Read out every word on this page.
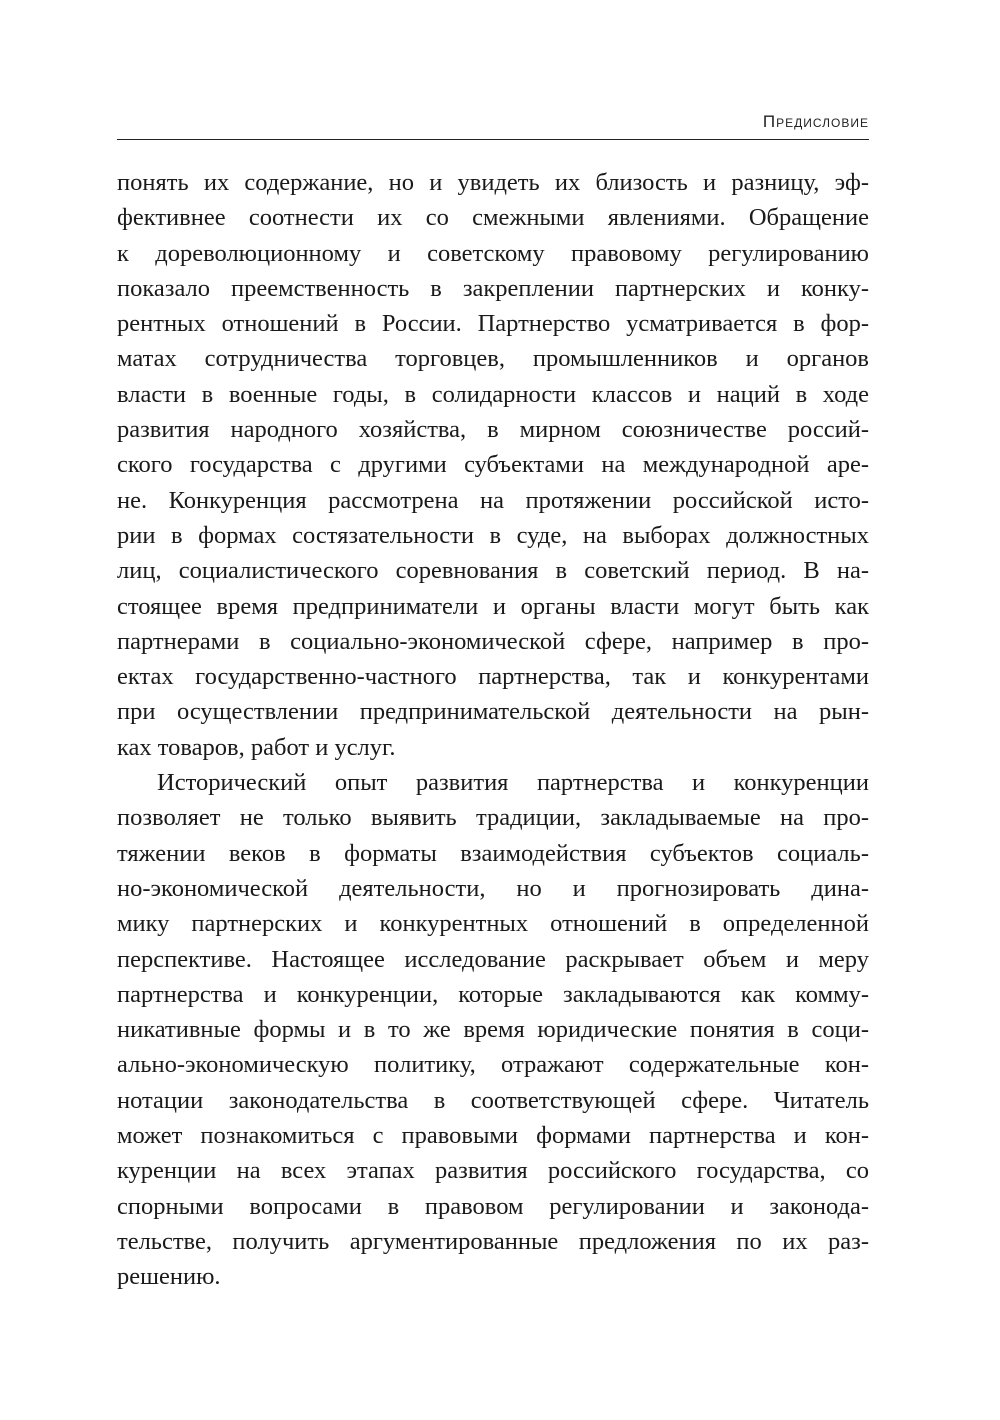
Предисловие
понять их содержание, но и увидеть их близость и разницу, эф-
фективнее соотнести их со смежными явлениями. Обращение
к дореволюционному и советскому правовому регулированию
показало преемственность в закреплении партнерских и конку-
рентных отношений в России. Партнерство усматривается в фор-
матах сотрудничества торговцев, промышленников и органов
власти в военные годы, в солидарности классов и наций в ходе
развития народного хозяйства, в мирном союзничестве россий-
ского государства с другими субъектами на международной аре-
не. Конкуренция рассмотрена на протяжении российской исто-
рии в формах состязательности в суде, на выборах должностных
лиц, социалистического соревнования в советский период. В на-
стоящее время предприниматели и органы власти могут быть как
партнерами в социально-экономической сфере, например в про-
ектах государственно-частного партнерства, так и конкурентами
при осуществлении предпринимательской деятельности на рын-
ках товаров, работ и услуг.
Исторический опыт развития партнерства и конкуренции
позволяет не только выявить традиции, закладываемые на про-
тяжении веков в форматы взаимодействия субъектов социаль-
но-экономической деятельности, но и прогнозировать дина-
мику партнерских и конкурентных отношений в определенной
перспективе. Настоящее исследование раскрывает объем и меру
партнерства и конкуренции, которые закладываются как комму-
никативные формы и в то же время юридические понятия в соци-
ально-экономическую политику, отражают содержательные кон-
нотации законодательства в соответствующей сфере. Читатель
может познакомиться с правовыми формами партнерства и кон-
куренции на всех этапах развития российского государства, со
спорными вопросами в правовом регулировании и законода-
тельстве, получить аргументированные предложения по их раз-
решению.
